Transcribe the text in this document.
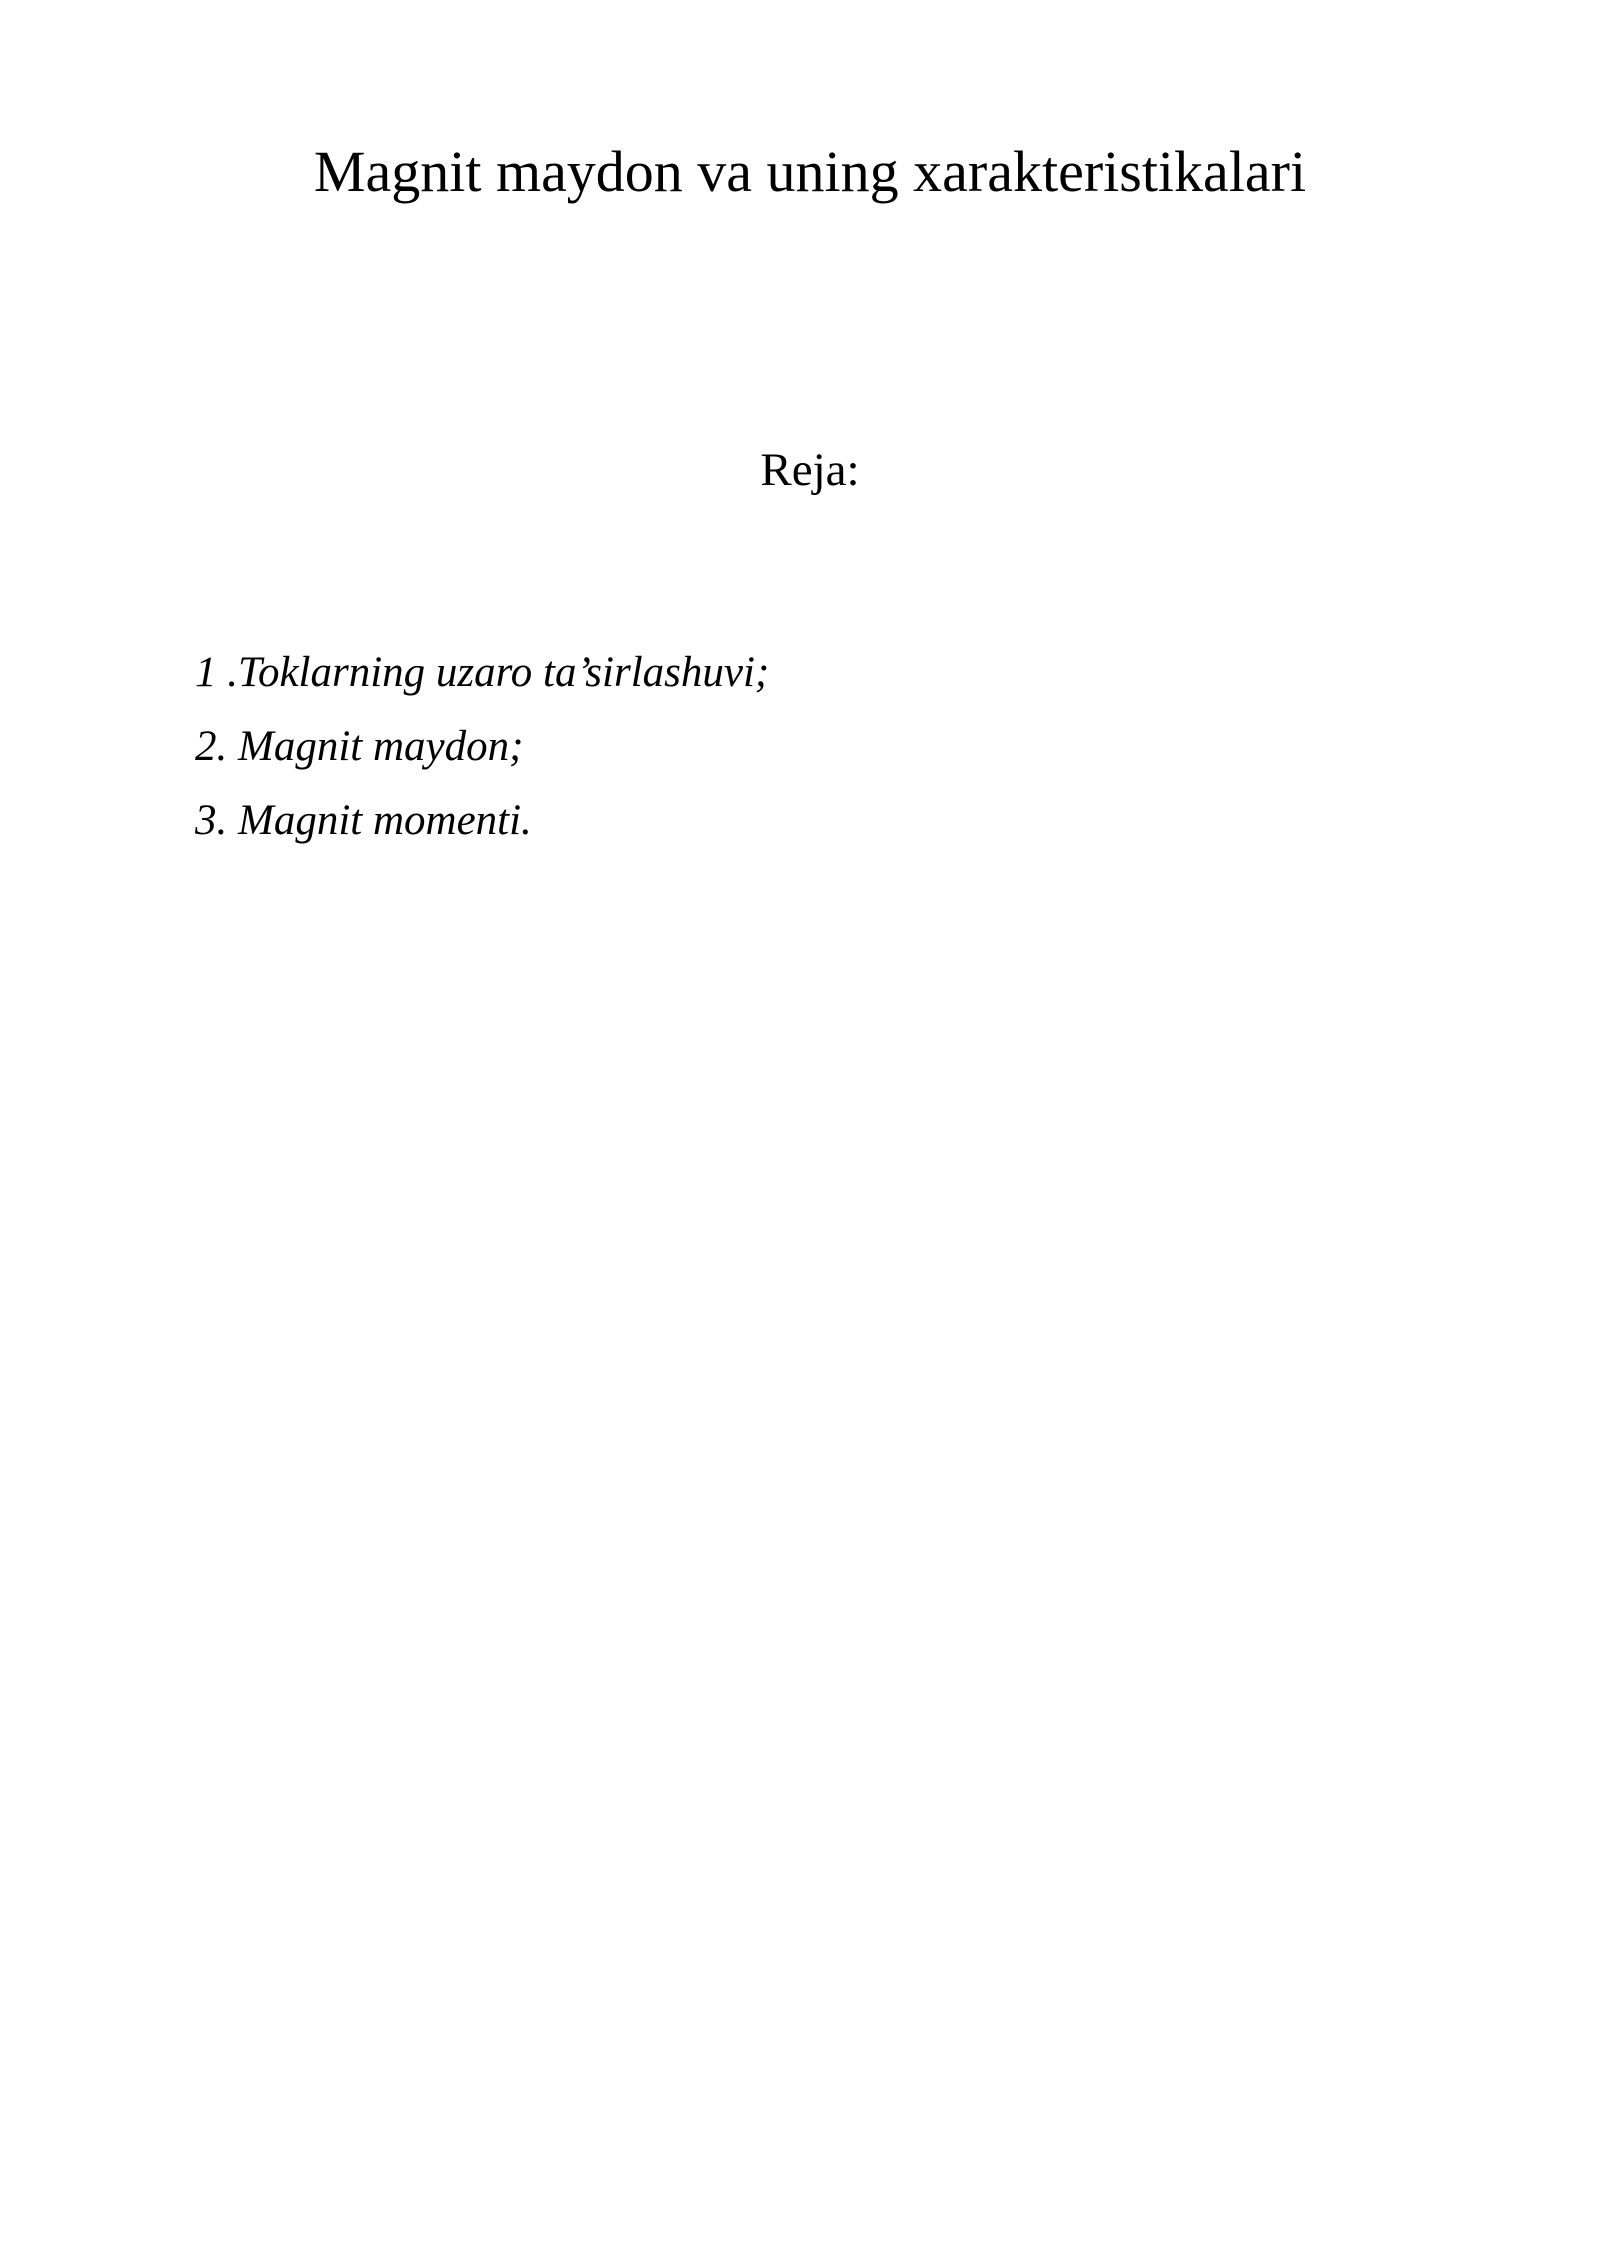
Magnit maydon va uning xarakteristikalari
Reja:
1 .Toklarning uzaro ta’sirlashuvi;
2. Magnit maydon;
3. Magnit momenti.
